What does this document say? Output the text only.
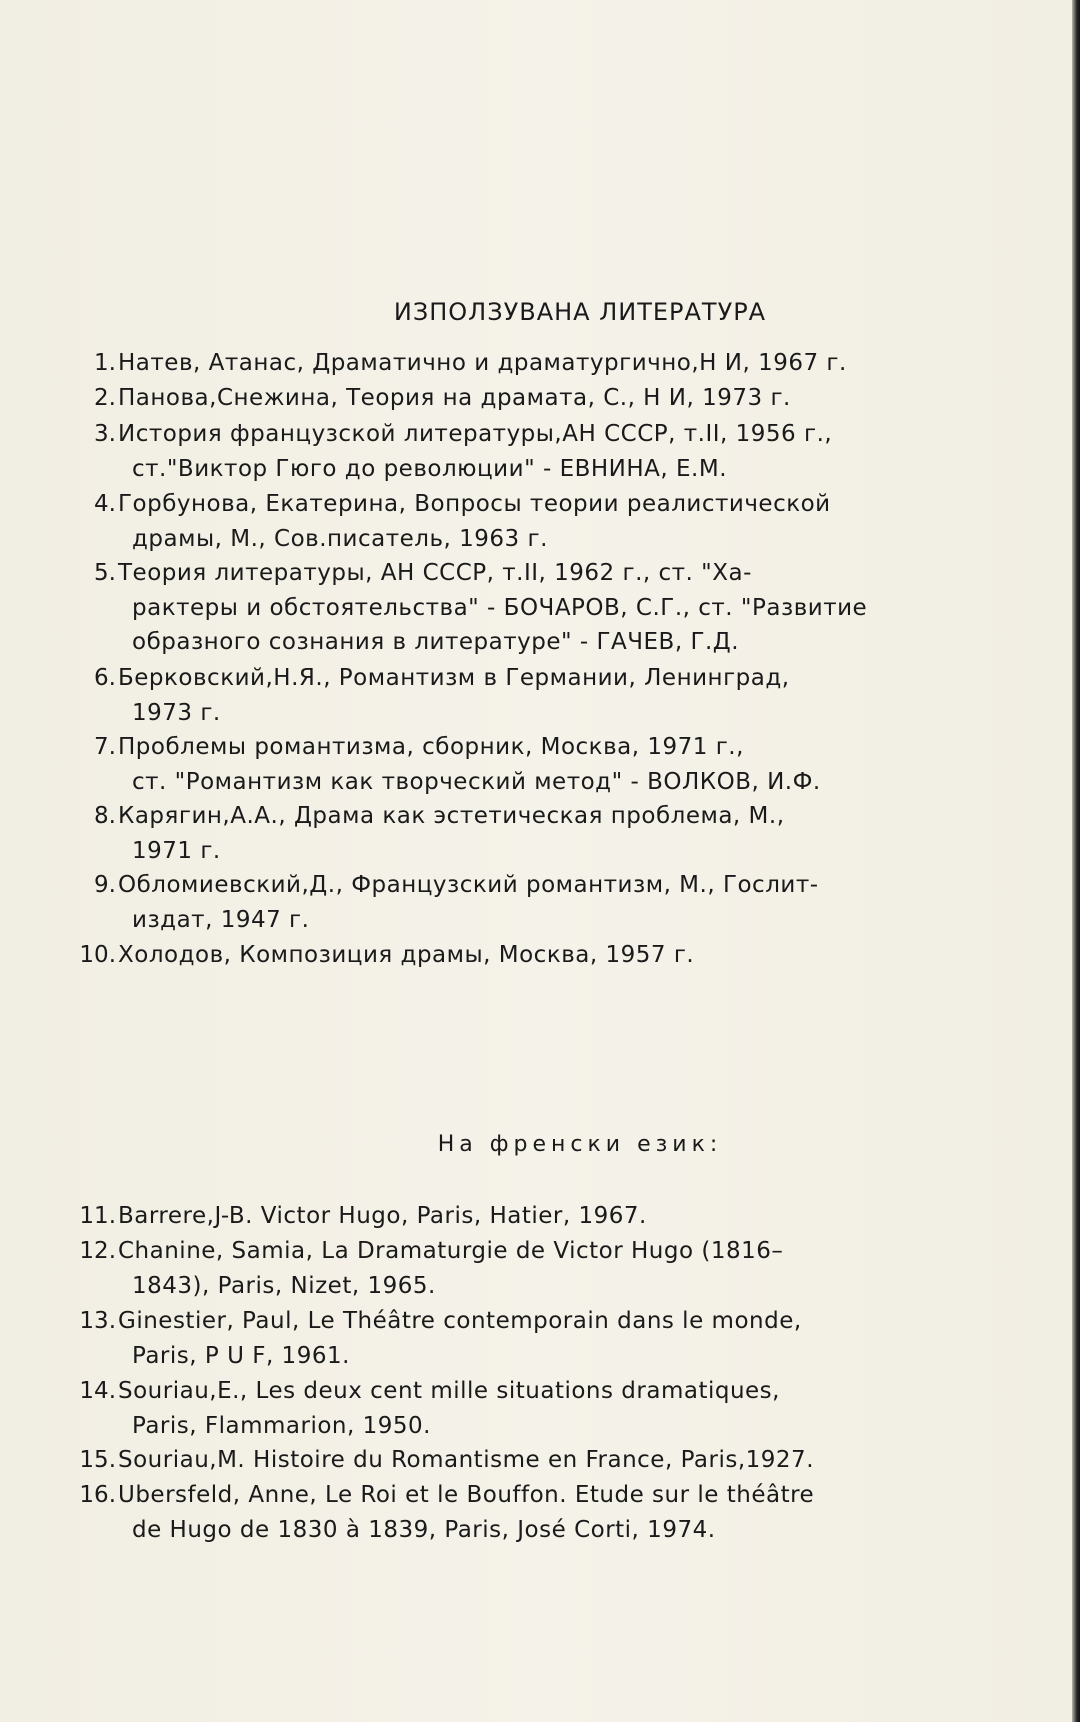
ИЗПОЛЗУВАНА ЛИТЕРАТУРА
1. Натев, Атанас, Драматично и драматургично,Н И, 1967 г.
2. Панова,Снежина, Теория на драмата, С., Н И, 1973 г.
3. История французской литературы,АН СССР, т.II, 1956 г.,
ст."Виктор Гюго до революции" - ЕВНИНА, Е.М.
4. Горбунова, Екатерина, Вопросы теории реалистической
драмы, М., Сов.писатель, 1963 г.
5. Теория литературы, АН СССР, т.II, 1962 г., ст. "Ха-
рактеры и обстоятельства" - БОЧАРОВ, С.Г., ст. "Развитие
образного сознания в литературе" - ГАЧЕВ, Г.Д.
6. Берковский,Н.Я., Романтизм в Германии, Ленинград,
1973 г.
7. Проблемы романтизма, сборник, Москва, 1971 г.,
ст. "Романтизм как творческий метод" - ВОЛКОВ, И.Ф.
8. Карягин,А.А., Драма как эстетическая проблема, М.,
1971 г.
9. Обломиевский,Д., Французский романтизм, М., Гослит-
издат, 1947 г.
10. Холодов, Композиция драмы, Москва, 1957 г.
На френски език:
11. Barrere,J-B. Victor Hugo, Paris, Hatier, 1967.
12. Chanine, Samia, La Dramaturgie de Victor Hugo (1816–
1843), Paris, Nizet, 1965.
13. Ginestier, Paul, Le Théâtre contemporain dans le monde,
Paris, P U F, 1961.
14. Souriau,E., Les deux cent mille situations dramatiques,
Paris, Flammarion, 1950.
15. Souriau,M. Histoire du Romantisme en France, Paris,1927.
16. Ubersfeld, Anne, Le Roi et le Bouffon. Etude sur le théâtre
de Hugo de 1830 à 1839, Paris, José Corti, 1974.
